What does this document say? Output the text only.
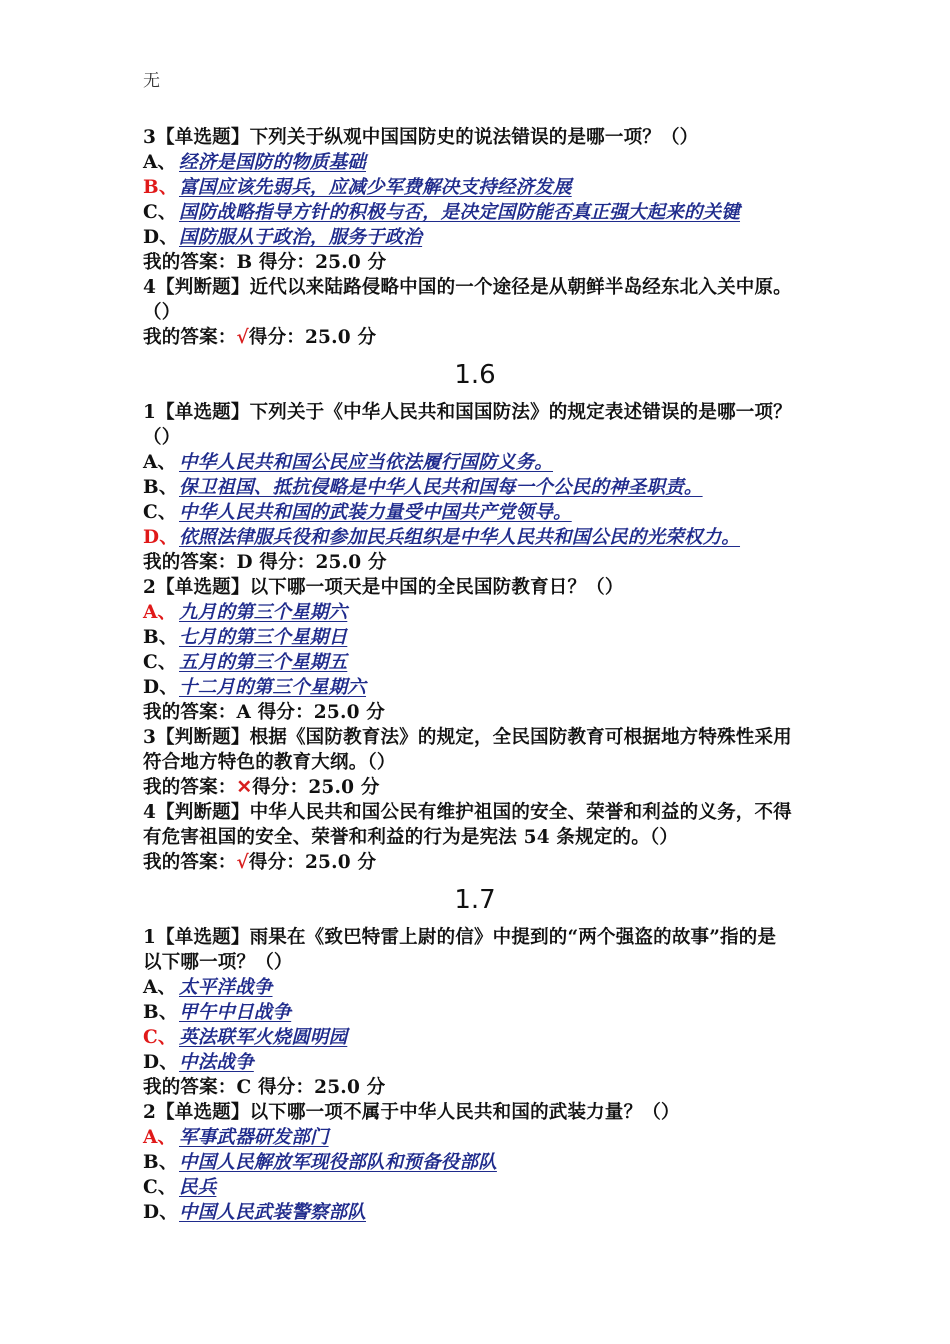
无
3【单选题】下列关于纵观中国国防史的说法错误的是哪一项？（）
A、 经济是国防的物质基础
B、富国应该先弱兵，应减少军费解决支持经济发展
C、 国防战略指导方针的积极与否，是决定国防能否真正强大起来的关键
D、国防服从于政治，服务于政治
我的答案：B 得分：25.0 分
4【判断题】近代以来陆路侵略中国的一个途径是从朝鲜半岛经东北入关中原。
（）
我的答案：√得分：25.0 分
1.6
1【单选题】下列关于《中华人民共和国国防法》的规定表述错误的是哪一项？
（）
A、 中华人民共和国公民应当依法履行国防义务。
B、保卫祖国、抵抗侵略是中华人民共和国每一个公民的神圣职责。
C、 中华人民共和国的武装力量受中国共产党领导。
D、依照法律服兵役和参加民兵组织是中华人民共和国公民的光荣权力。
我的答案：D 得分：25.0 分
2【单选题】以下哪一项天是中国的全民国防教育日？（）
A、 九月的第三个星期六
B、七月的第三个星期日
C、 五月的第三个星期五
D、十二月的第三个星期六
我的答案：A 得分：25.0 分
3【判断题】根据《国防教育法》的规定，全民国防教育可根据地方特殊性采用
符合地方特色的教育大纲。（）
我的答案：✕得分：25.0 分
4【判断题】中华人民共和国公民有维护祖国的安全、荣誉和利益的义务，不得
有危害祖国的安全、荣誉和利益的行为是宪法 54 条规定的。（）
我的答案：√得分：25.0 分
1.7
1【单选题】雨果在《致巴特雷上尉的信》中提到的“两个强盗的故事”指的是
以下哪一项？（）
A、 太平洋战争
B、甲午中日战争
C、 英法联军火烧圆明园
D、中法战争
我的答案：C 得分：25.0 分
2【单选题】以下哪一项不属于中华人民共和国的武装力量？（）
A、 军事武器研发部门
B、中国人民解放军现役部队和预备役部队
C、 民兵
D、中国人民武装警察部队
